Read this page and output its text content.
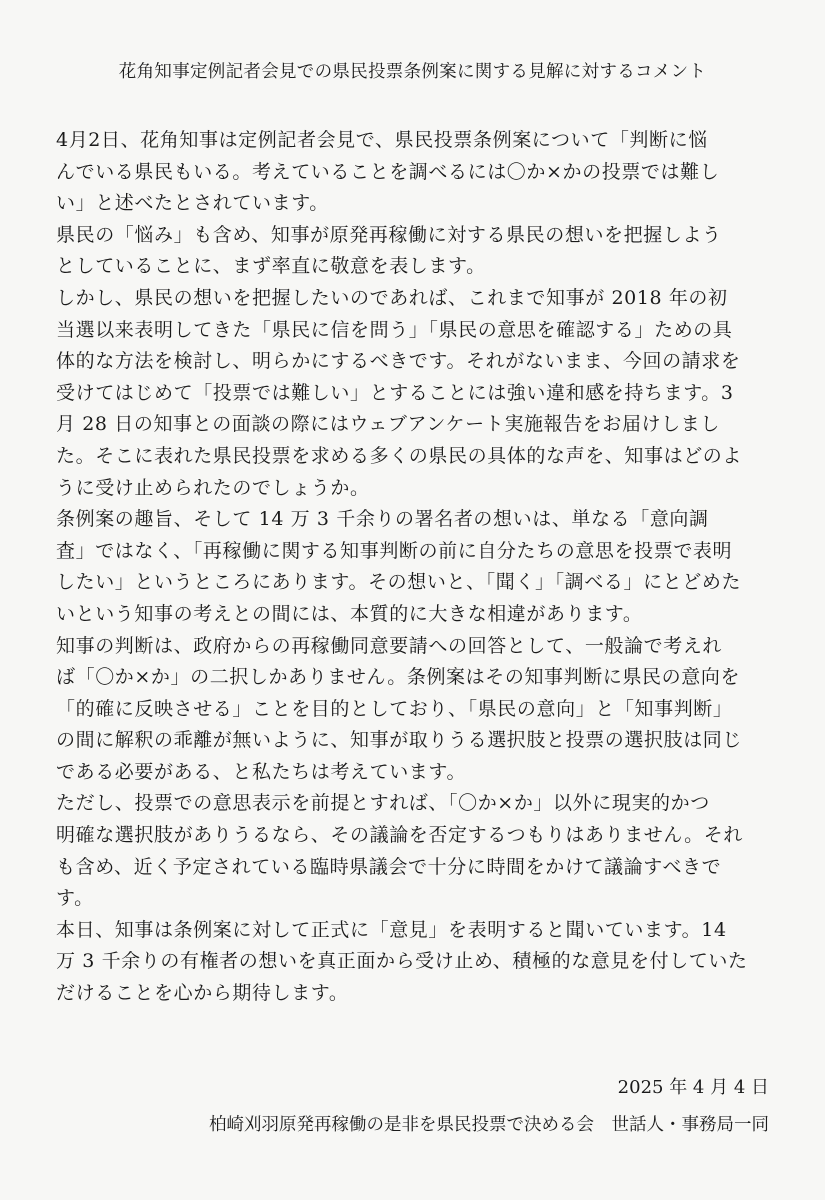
花角知事定例記者会見での県民投票条例案に関する見解に対するコメント
4月2日、花角知事は定例記者会見で、県民投票条例案について「判断に悩
んでいる県民もいる。考えていることを調べるには〇か×かの投票では難し
い」と述べたとされています。
県民の「悩み」も含め、知事が原発再稼働に対する県民の想いを把握しよう
としていることに、まず率直に敬意を表します。
しかし、県民の想いを把握したいのであれば、これまで知事が 2018 年の初
当選以来表明してきた「県民に信を問う」「県民の意思を確認する」ための具
体的な方法を検討し、明らかにするべきです。それがないまま、今回の請求を
受けてはじめて「投票では難しい」とすることには強い違和感を持ちます。3
月 28 日の知事との面談の際にはウェブアンケート実施報告をお届けしまし
た。そこに表れた県民投票を求める多くの県民の具体的な声を、知事はどのよ
うに受け止められたのでしょうか。
条例案の趣旨、そして 14 万 3 千余りの署名者の想いは、単なる「意向調
査」ではなく、「再稼働に関する知事判断の前に自分たちの意思を投票で表明
したい」というところにあります。その想いと、「聞く」「調べる」にとどめた
いという知事の考えとの間には、本質的に大きな相違があります。
知事の判断は、政府からの再稼働同意要請への回答として、一般論で考えれ
ば「〇か×か」の二択しかありません。条例案はその知事判断に県民の意向を
「的確に反映させる」ことを目的としており、「県民の意向」と「知事判断」
の間に解釈の乖離が無いように、知事が取りうる選択肢と投票の選択肢は同じ
である必要がある、と私たちは考えています。
ただし、投票での意思表示を前提とすれば、「〇か×か」以外に現実的かつ
明確な選択肢がありうるなら、その議論を否定するつもりはありません。それ
も含め、近く予定されている臨時県議会で十分に時間をかけて議論すべきで
す。
本日、知事は条例案に対して正式に「意見」を表明すると聞いています。14
万 3 千余りの有権者の想いを真正面から受け止め、積極的な意見を付していた
だけることを心から期待します。
2025 年 4 月 4 日
柏崎刈羽原発再稼働の是非を県民投票で決める会　世話人・事務局一同
